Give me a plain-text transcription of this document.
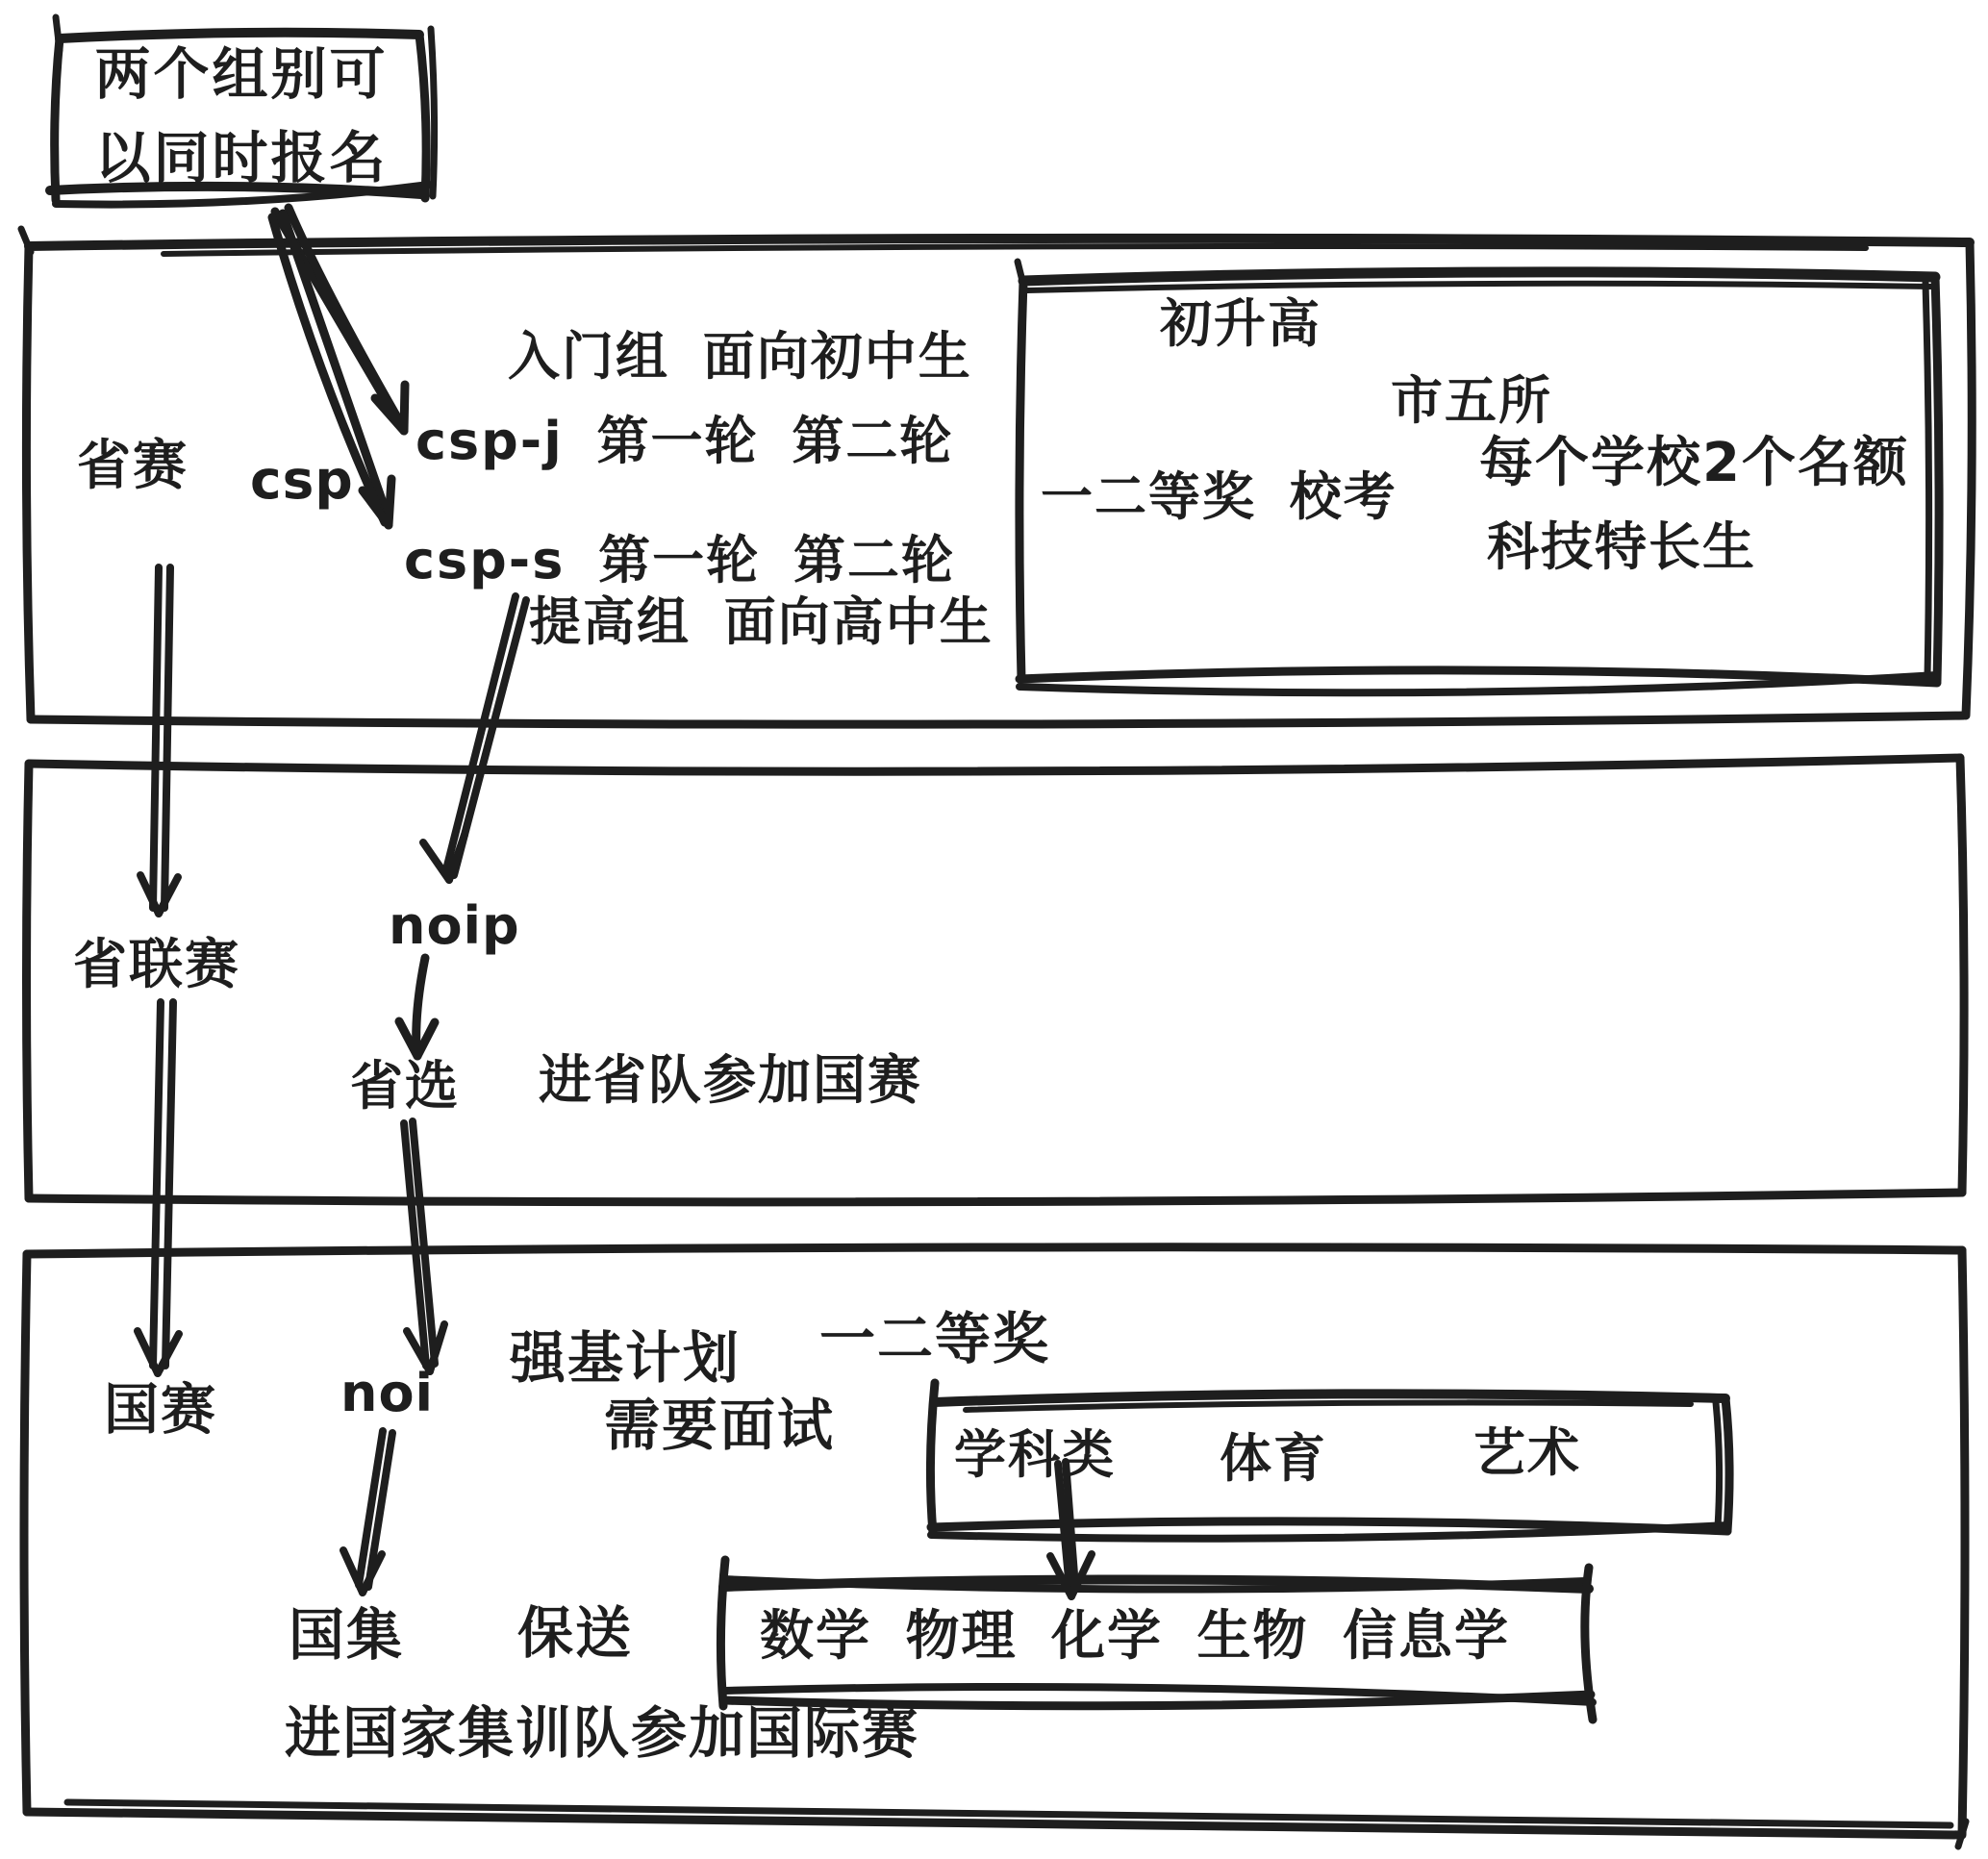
两个组别可
以同时报名
省赛 csp
入门组 面向初中生
csp-j 第一轮 第二轮
csp-s 第一轮 第二轮
提高组 面向高中生
初升高
市五所
每个学校2个名额
一二等奖 校考
科技特长生
省联赛
noip
省选 进省队参加国赛
国赛 noi
强基计划 一二等奖
需要面试 学科类 体育	艺术
国集 保送 数学 物理 化学 生物 信息学
进国家集训队参加国际赛
